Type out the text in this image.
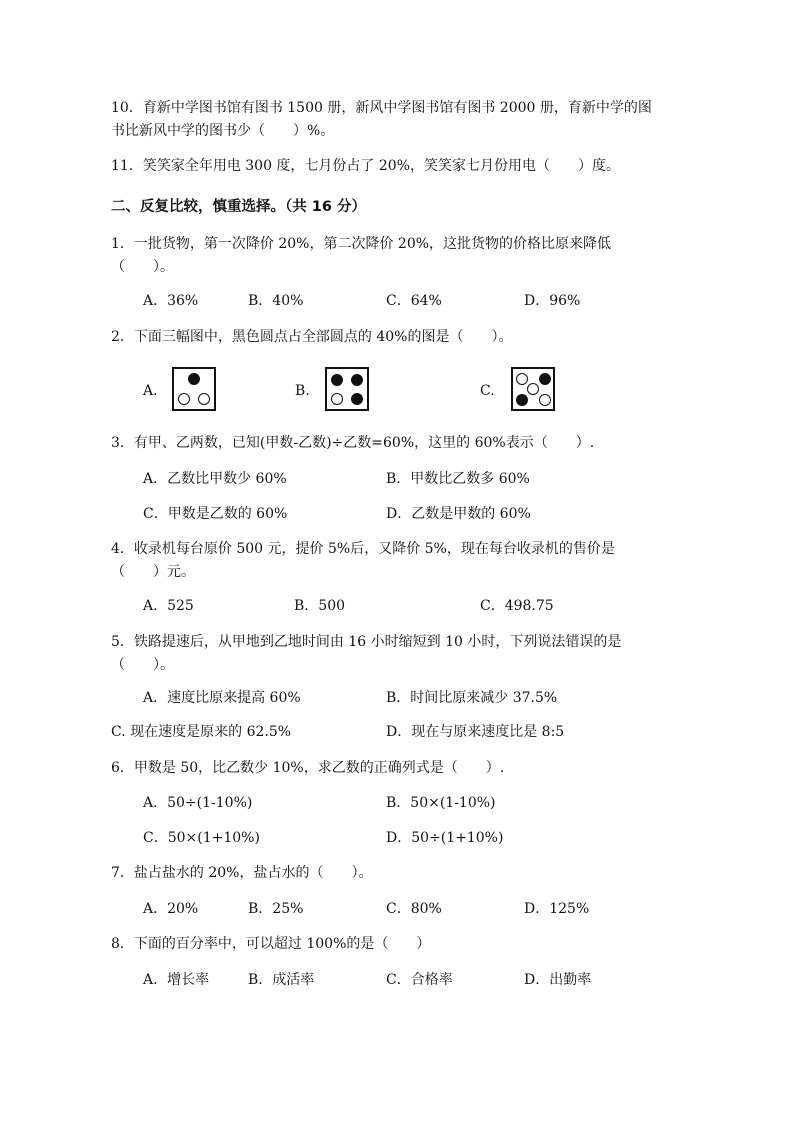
10．育新中学图书馆有图书 1500 册，新风中学图书馆有图书 2000 册，育新中学的图
书比新风中学的图书少（　　）%。
11．笑笑家全年用电 300 度，七月份占了 20%，笑笑家七月份用电（　　）度。
二、反复比较，慎重选择。（共 16 分）
1．一批货物，第一次降价 20%，第二次降价 20%，这批货物的价格比原来降低
（　　）。
A．36%	B．40%	C．64%	D．96%
2．下面三幅图中，黑色圆点占全部圆点的 40%的图是（　　）。
A.	B.	C.
3．有甲、乙两数，已知(甲数-乙数)÷乙数=60%，这里的 60%表示（　　）.
A．乙数比甲数少 60%	B．甲数比乙数多 60%
C．甲数是乙数的 60%	D．乙数是甲数的 60%
4．收录机每台原价 500 元，提价 5%后，又降价 5%，现在每台收录机的售价是
（　　）元。
A．525	B．500	C．498.75
5．铁路提速后，从甲地到乙地时间由 16 小时缩短到 10 小时，下列说法错误的是
（　　）。
A．速度比原来提高 60%	B．时间比原来减少 37.5%
C. 现在速度是原来的 62.5%	D．现在与原来速度比是 8:5
6．甲数是 50，比乙数少 10%，求乙数的正确列式是（　　）.
A．50÷(1-10%)	B．50×(1-10%)
C．50×(1+10%)	D．50÷(1+10%)
7．盐占盐水的 20%，盐占水的（　　）。
A．20%	B．25%	C．80%	D．125%
8．下面的百分率中，可以超过 100%的是（　　）
A．增长率	B．成活率	C．合格率	D．出勤率
